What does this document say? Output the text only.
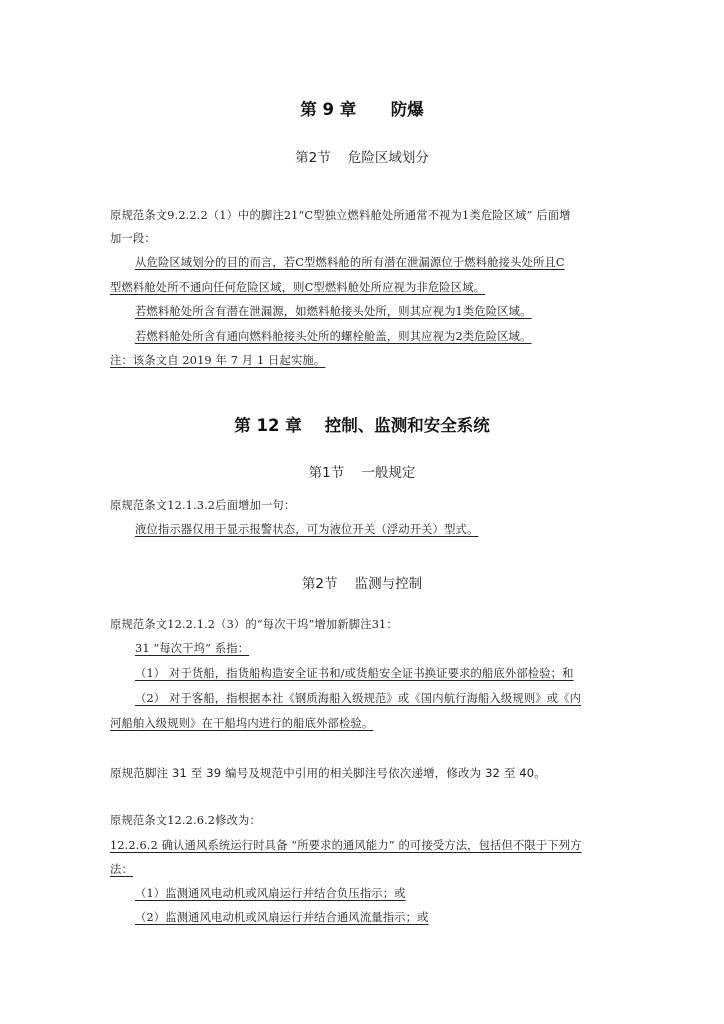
第 9 章      防爆
第2节    危险区域划分
原规范条文9.2.2.2（1）中的脚注21“C型独立燃料舱处所通常不视为1类危险区域” 后面增
加一段：
从危险区域划分的目的而言，若C型燃料舱的所有潜在泄漏源位于燃料舱接头处所且C
型燃料舱处所不通向任何危险区域，则C型燃料舱处所应视为非危险区域。
若燃料舱处所含有潜在泄漏源，如燃料舱接头处所，则其应视为1类危险区域。
若燃料舱处所含有通向燃料舱接头处所的螺栓舱盖，则其应视为2类危险区域。
注：该条文自 2019 年 7 月 1 日起实施。
第 12 章    控制、监测和安全系统
第1节    一般规定
原规范条文12.1.3.2后面增加一句：
液位指示器仅用于显示报警状态，可为液位开关（浮动开关）型式。
第2节    监测与控制
原规范条文12.2.1.2（3）的“每次干坞”增加新脚注31：
31 “每次干坞” 系指：
（1） 对于货船，指货船构造安全证书和/或货船安全证书换证要求的船底外部检验；和
（2） 对于客船，指根据本社《钢质海船入级规范》或《国内航行海船入级规则》或《内
河船舶入级规则》在干船坞内进行的船底外部检验。
原规范脚注 31 至 39 编号及规范中引用的相关脚注号依次递增，修改为 32 至 40。
原规范条文12.2.6.2修改为：
12.2.6.2 确认通风系统运行时具备 “所要求的通风能力” 的可接受方法，包括但不限于下列方
法：
（1）监测通风电动机或风扇运行并结合负压指示；或
（2）监测通风电动机或风扇运行并结合通风流量指示；或
